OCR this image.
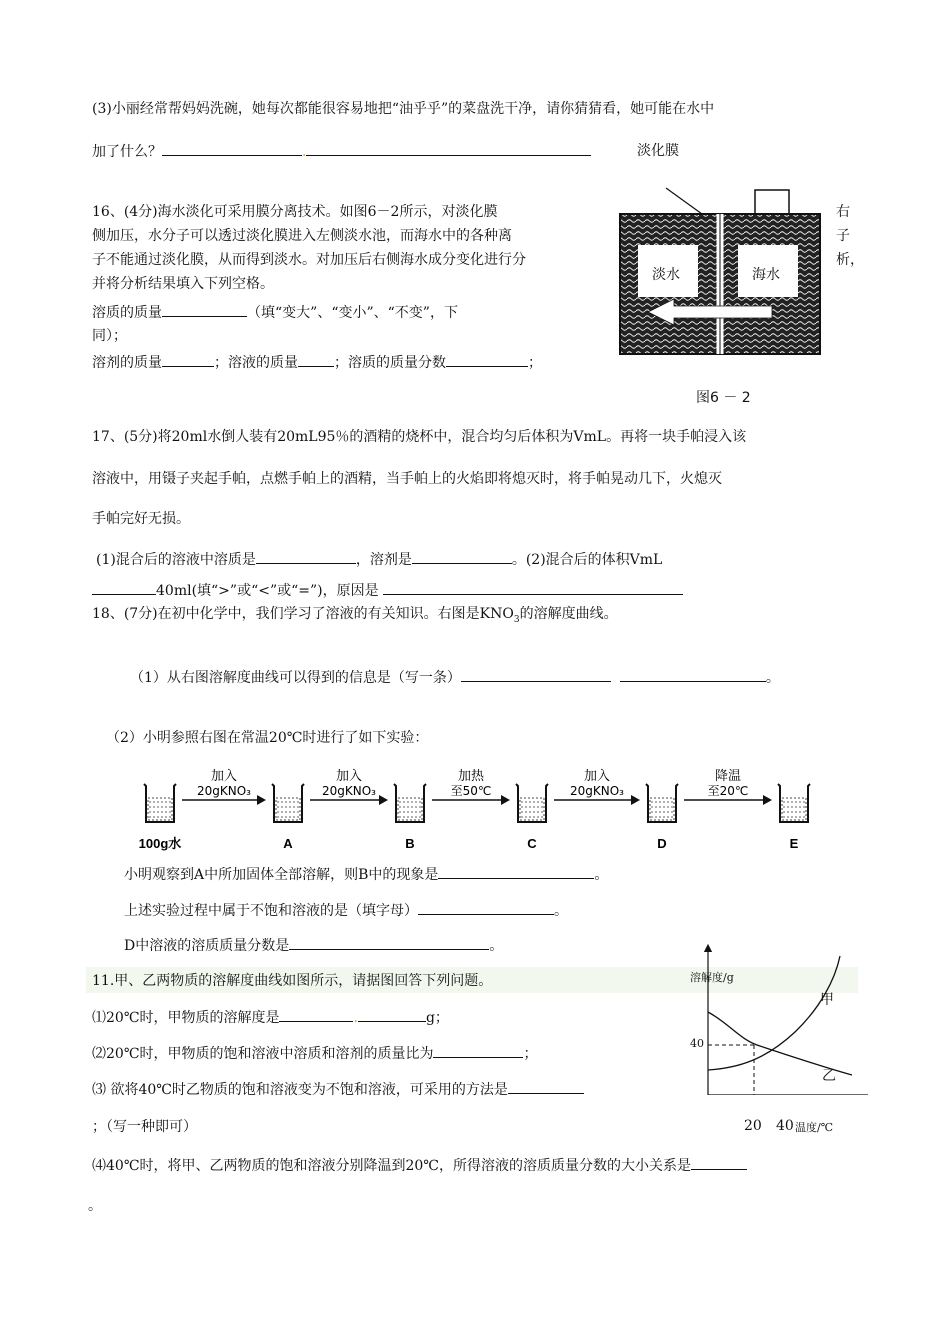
(3)小丽经常帮妈妈洗碗，她每次都能很容易地把“油乎乎”的菜盘洗干净，请你猜猜看，她可能在水中
加了什么？	.	淡化膜
16、(4分)海水淡化可采用膜分离技术。如图6－2所示，对淡化膜
侧加压，水分子可以透过淡化膜进入左侧淡水池，而海水中的各种离
子不能通过淡化膜，从而得到淡水。对加压后右侧海水成分变化进行分
并将分析结果填入下列空格。
右
子
析，
溶质的质量	（填“变大”、“变小”、“不变”，下
同）；
溶剂的质量	；溶液的质量	；溶质的质量分数	；
淡水	海水
图6 － 2
17、(5分)将20ml水倒人装有20mL95％的酒精的烧杯中，混合均匀后体积为VmL。再将一块手帕浸入该
溶液中，用镊子夹起手帕，点燃手帕上的酒精，当手帕上的火焰即将熄灭时，将手帕晃动几下，火熄灭
手帕完好无损。
(1)混合后的溶液中溶质是	，溶剂是	。(2)混合后的体积VmL
40ml(填“>”或“<”或“=”)，原因是
18、(7分)在初中化学中，我们学习了溶液的有关知识。右图是$KNO_3$的溶解度曲线。
（1）从右图溶解度曲线可以得到的信息是（写一条）	。
（2）小明参照右图在常温20℃时进行了如下实验：
100g水	A	B	C	D	E
加入
20gKNO₃
加入
20gKNO₃
加热
至50℃
加入
20gKNO₃
降温
至20℃
小明观察到A中所加固体全部溶解，则B中的现象是	。
上述实验过程中属于不饱和溶液的是（填字母）	。
D中溶液的溶质质量分数是	。
11.甲、乙两物质的溶解度曲线如图所示，请据图回答下列问题。
⑴20℃时，甲物质的溶解度是	.	g；
⑵20℃时，甲物质的饱和溶液中溶质和溶剂的质量比为	；
⑶ 欲将40℃时乙物质的饱和溶液变为不饱和溶液，可采用的方法是
；（写一种即可）
⑷40℃时，将甲、乙两物质的饱和溶液分别降温到20℃，所得溶液的溶质质量分数的大小关系是
。
溶解度/g
40
甲
乙
20 40 温度/℃
